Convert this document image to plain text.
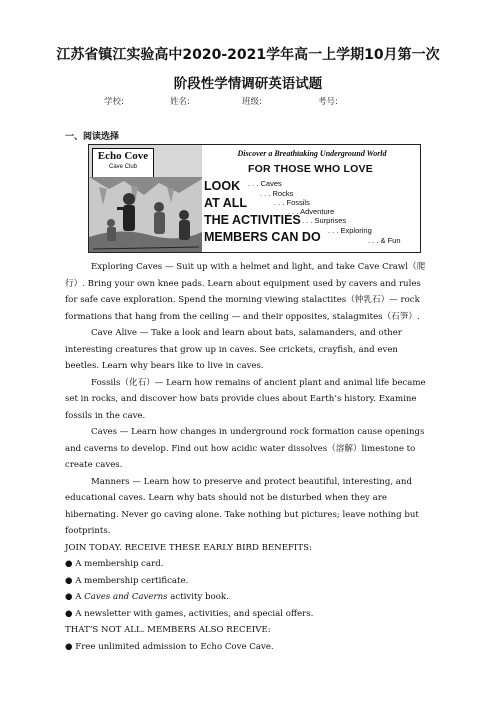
江苏省镇江实验高中2020-2021学年高一上学期10月第一次
阶段性学情调研英语试题
学校:	姓名:	班级:	考号:
一、阅读选择
Echo Cove
Cave Club
Discover a Breathtaking Underground World
FOR THOSE WHO LOVE
. . . Caves
. . . Rocks
. . . Fossils
. . . Adventure
. . . Surprises
. . . Exploring
. . . & Fun
LOOK
AT ALL
THE ACTIVITIES
MEMBERS CAN DO

Exploring Caves — Suit up with a helmet and light, and take Cave Crawl（爬行）. Bring your own knee pads. Learn about equipment used by cavers and rules for safe cave exploration. Spend the morning viewing stalactites（钟乳石）— rock formations that hang from the ceiling — and their opposites, stalagmites（石笋）.

Cave Alive — Take a look and learn about bats, salamanders, and other interesting creatures that grow up in caves. See crickets, crayfish, and even beetles. Learn why bears like to live in caves.

Fossils（化石）— Learn how remains of ancient plant and animal life became set in rocks, and discover how bats provide clues about Earth’s history. Examine fossils in the cave.

Caves — Learn how changes in underground rock formation cause openings and caverns to develop. Find out how acidic water dissolves（溶解）limestone to create caves.

Manners — Learn how to preserve and protect beautiful, interesting, and educational caves. Learn why bats should not be disturbed when they are hibernating. Never go caving alone. Take nothing but pictures; leave nothing but footprints.

JOIN TODAY. RECEIVE THESE EARLY BIRD BENEFITS:

● A membership card.

● A membership certificate.

● A Caves and Caverns activity book.

● A newsletter with games, activities, and special offers.

THAT’S NOT ALL. MEMBERS ALSO RECEIVE:

● Free unlimited admission to Echo Cove Cave.
